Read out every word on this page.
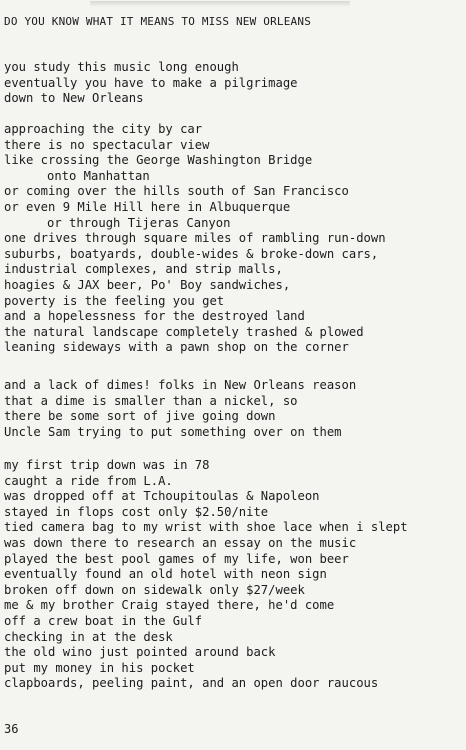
DO YOU KNOW WHAT IT MEANS TO MISS NEW ORLEANS
you study this music long enough
eventually you have to make a pilgrimage
down to New Orleans
approaching the city by car
there is no spectacular view
like crossing the George Washington Bridge
onto Manhattan
or coming over the hills south of San Francisco
or even 9 Mile Hill here in Albuquerque
or through Tijeras Canyon
one drives through square miles of rambling run-down
suburbs, boatyards, double-wides & broke-down cars,
industrial complexes, and strip malls,
hoagies & JAX beer, Po' Boy sandwiches,
poverty is the feeling you get
and a hopelessness for the destroyed land
the natural landscape completely trashed & plowed
leaning sideways with a pawn shop on the corner
and a lack of dimes! folks in New Orleans reason
that a dime is smaller than a nickel, so
there be some sort of jive going down
Uncle Sam trying to put something over on them
my first trip down was in 78
caught a ride from L.A.
was dropped off at Tchoupitoulas & Napoleon
stayed in flops cost only $2.50/nite
tied camera bag to my wrist with shoe lace when i slept
was down there to research an essay on the music
played the best pool games of my life, won beer
eventually found an old hotel with neon sign
broken off down on sidewalk only $27/week
me & my brother Craig stayed there, he'd come
off a crew boat in the Gulf
checking in at the desk
the old wino just pointed around back
put my money in his pocket
clapboards, peeling paint, and an open door raucous
36
